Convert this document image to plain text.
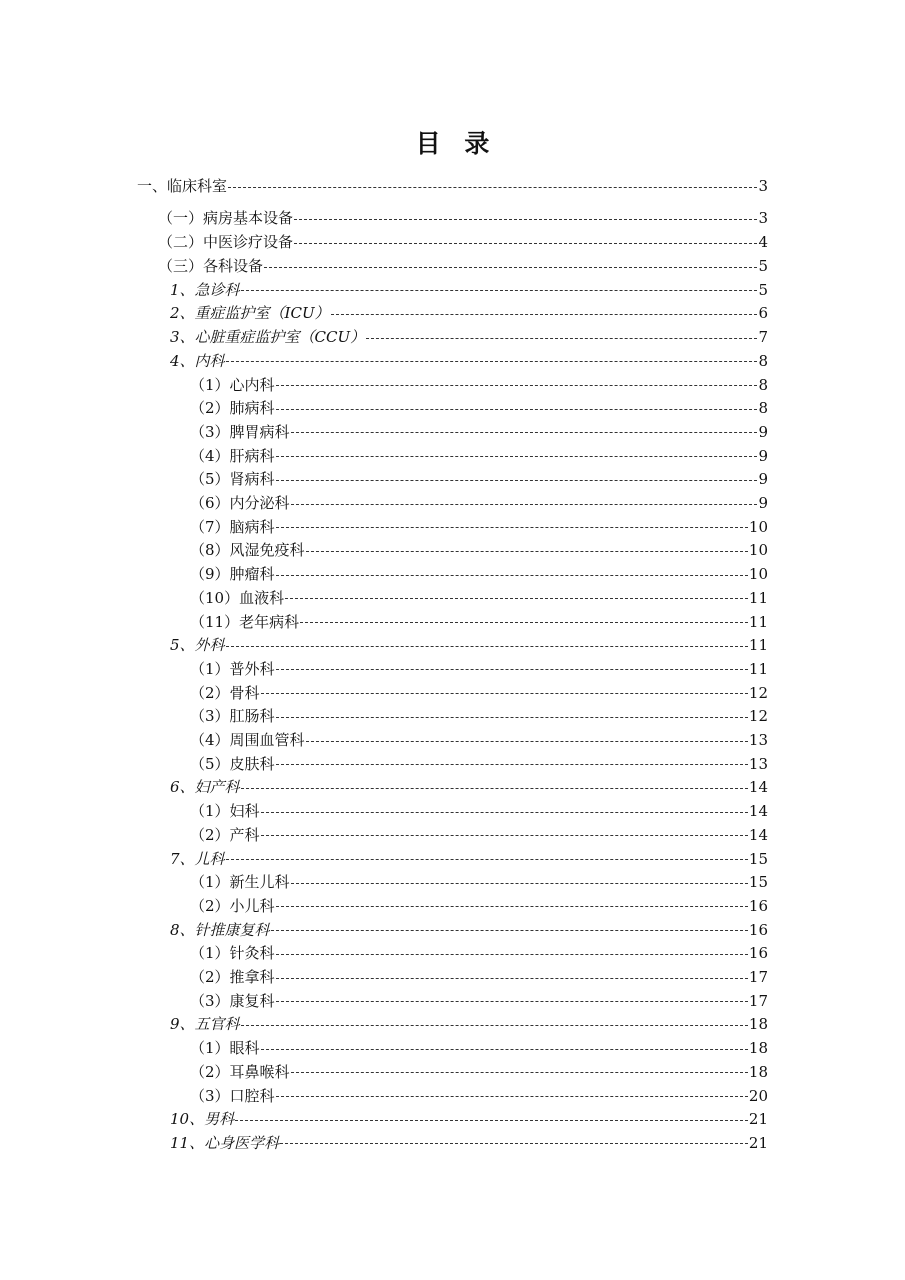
目 录
一、临床科室	3
（一）病房基本设备	3
（二）中医诊疗设备	4
（三）各科设备	5
1、急诊科	5
2、重症监护室（ICU）	6
3、心脏重症监护室（CCU）	7
4、内科	8
（1）心内科	8
（2）肺病科	8
（3）脾胃病科	9
（4）肝病科	9
（5）肾病科	9
（6）内分泌科	9
（7）脑病科	10
（8）风湿免疫科	10
（9）肿瘤科	10
（10）血液科	11
（11）老年病科	11
5、外科	11
（1）普外科	11
（2）骨科	12
（3）肛肠科	12
（4）周围血管科	13
（5）皮肤科	13
6、妇产科	14
（1）妇科	14
（2）产科	14
7、儿科	15
（1）新生儿科	15
（2）小儿科	16
8、针推康复科	16
（1）针灸科	16
（2）推拿科	17
（3）康复科	17
9、五官科	18
（1）眼科	18
（2）耳鼻喉科	18
（3）口腔科	20
10、男科	21
11、心身医学科	21
